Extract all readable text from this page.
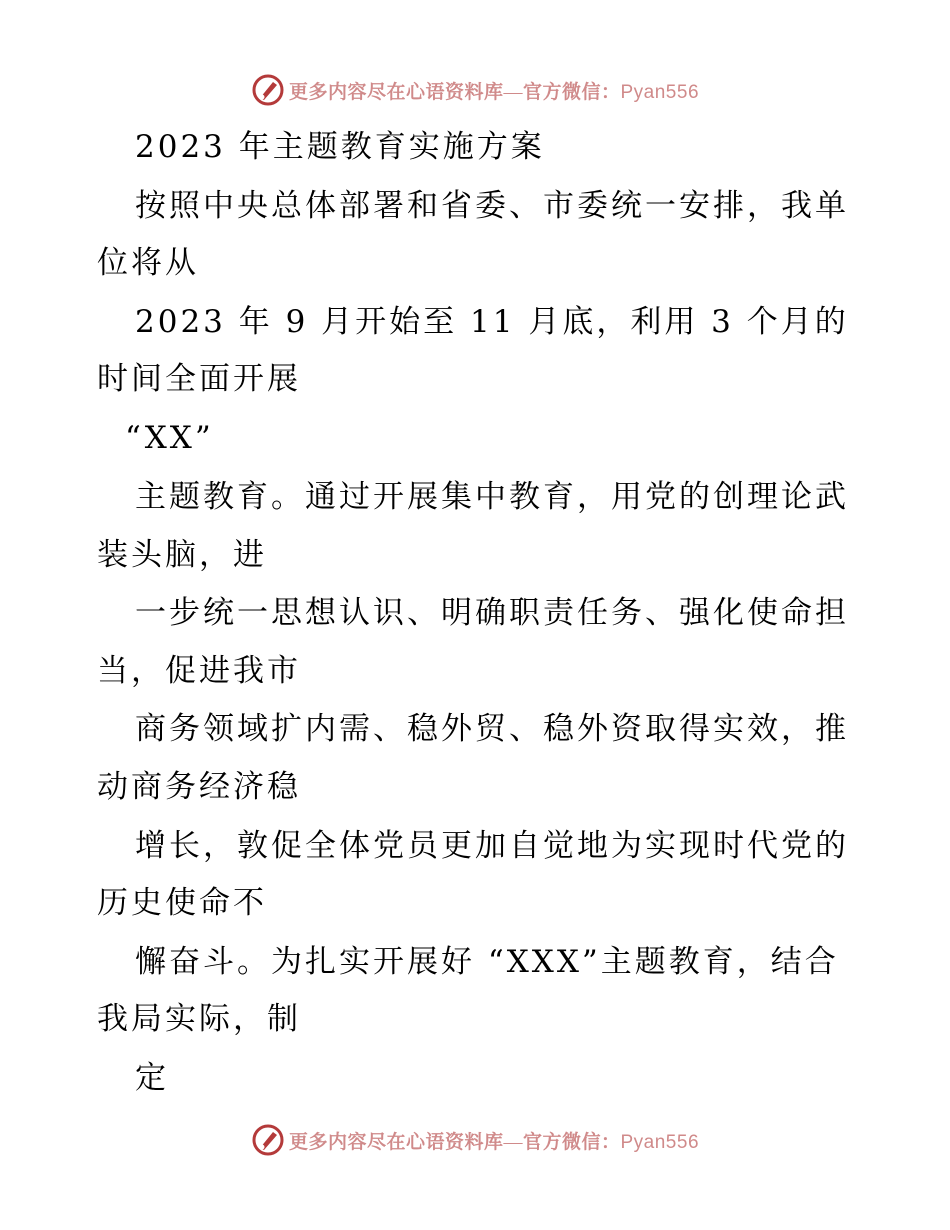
更多内容尽在心语资料库—官方微信：Pyan556
2023 年主题教育实施方案
按照中央总体部署和省委、市委统一安排，我单
位将从
2023 年 9 月开始至 11 月底，利用 3 个月的
时间全面开展
“XX”
主题教育。通过开展集中教育，用党的创理论武
装头脑，进
一步统一思想认识、明确职责任务、强化使命担
当，促进我市
商务领域扩内需、稳外贸、稳外资取得实效，推
动商务经济稳
增长，敦促全体党员更加自觉地为实现时代党的
历史使命不
懈奋斗。为扎实开展好 “XXX”主题教育，结合
我局实际，制
定
更多内容尽在心语资料库—官方微信：Pyan556
